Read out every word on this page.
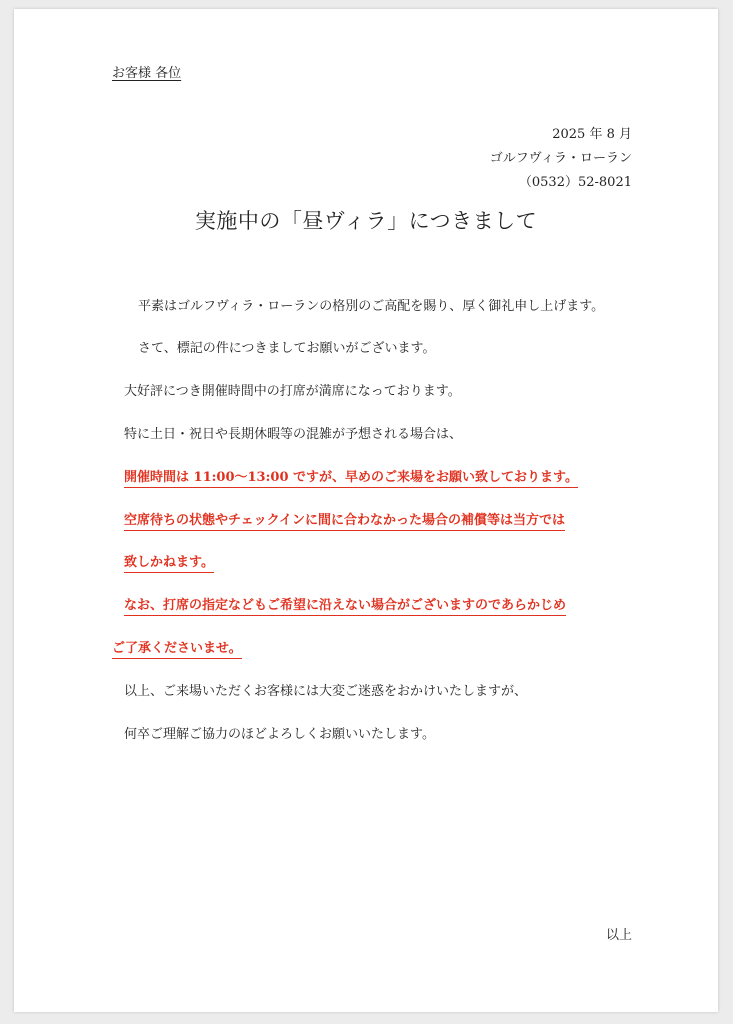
お客様 各位
2025 年 8 月
ゴルフヴィラ・ローラン
（0532）52-8021
実施中の「昼ヴィラ」につきまして
平素はゴルフヴィラ・ローランの格別のご高配を賜り、厚く御礼申し上げます。
さて、標記の件につきましてお願いがございます。
大好評につき開催時間中の打席が満席になっております。
特に土日・祝日や長期休暇等の混雑が予想される場合は、
開催時間は 11:00〜13:00 ですが、早めのご来場をお願い致しております。
空席待ちの状態やチェックインに間に合わなかった場合の補償等は当方では
致しかねます。
なお、打席の指定などもご希望に沿えない場合がございますのであらかじめ
ご了承くださいませ。
以上、ご来場いただくお客様には大変ご迷惑をおかけいたしますが、
何卒ご理解ご協力のほどよろしくお願いいたします。
以上
